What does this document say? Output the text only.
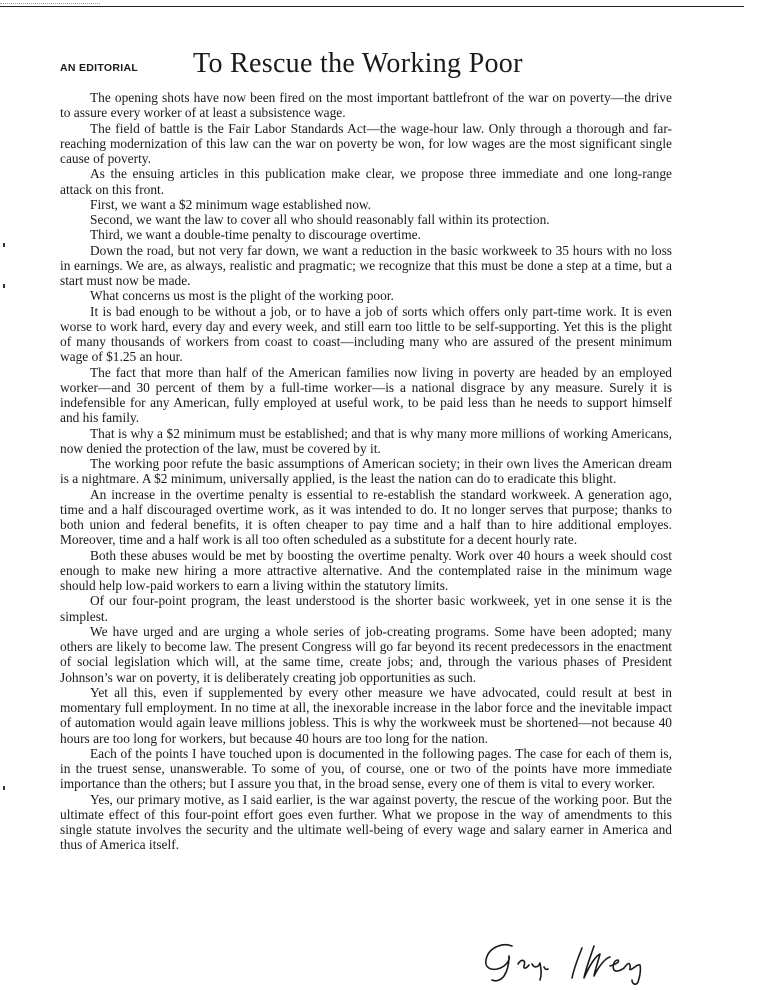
AN EDITORIAL To Rescue the Working Poor

The opening shots have now been fired on the most important battlefront of the war on poverty—the drive to assure every worker of at least a subsistence wage.

The field of battle is the Fair Labor Standards Act—the wage-hour law. Only through a thorough and far-reaching modernization of this law can the war on poverty be won, for low wages are the most significant single cause of poverty.

As the ensuing articles in this publication make clear, we propose three immediate and one long-range attack on this front.

First, we want a $2 minimum wage established now.

Second, we want the law to cover all who should reasonably fall within its protection.

Third, we want a double-time penalty to discourage overtime.

Down the road, but not very far down, we want a reduction in the basic workweek to 35 hours with no loss in earnings. We are, as always, realistic and pragmatic; we recognize that this must be done a step at a time, but a start must now be made.

What concerns us most is the plight of the working poor.

It is bad enough to be without a job, or to have a job of sorts which offers only part-time work. It is even worse to work hard, every day and every week, and still earn too little to be self-supporting. Yet this is the plight of many thousands of workers from coast to coast—including many who are assured of the present minimum wage of $1.25 an hour.

The fact that more than half of the American families now living in poverty are headed by an employed worker—and 30 percent of them by a full-time worker—is a national disgrace by any measure. Surely it is indefensible for any American, fully employed at useful work, to be paid less than he needs to support himself and his family.

That is why a $2 minimum must be established; and that is why many more millions of working Americans, now denied the protection of the law, must be covered by it.

The working poor refute the basic assumptions of American society; in their own lives the American dream is a nightmare. A $2 minimum, universally applied, is the least the nation can do to eradicate this blight.

An increase in the overtime penalty is essential to re-establish the standard workweek. A generation ago, time and a half discouraged overtime work, as it was intended to do. It no longer serves that purpose; thanks to both union and federal benefits, it is often cheaper to pay time and a half than to hire additional employes. Moreover, time and a half work is all too often scheduled as a substitute for a decent hourly rate.

Both these abuses would be met by boosting the overtime penalty. Work over 40 hours a week should cost enough to make new hiring a more attractive alternative. And the contemplated raise in the minimum wage should help low-paid workers to earn a living within the statutory limits.

Of our four-point program, the least understood is the shorter basic workweek, yet in one sense it is the simplest.

We have urged and are urging a whole series of job-creating programs. Some have been adopted; many others are likely to become law. The present Congress will go far beyond its recent predecessors in the enactment of social legislation which will, at the same time, create jobs; and, through the various phases of President Johnson’s war on poverty, it is deliberately creating job opportunities as such.

Yet all this, even if supplemented by every other measure we have advocated, could result at best in momentary full employment. In no time at all, the inexorable increase in the labor force and the inevitable impact of automation would again leave millions jobless. This is why the workweek must be shortened—not because 40 hours are too long for workers, but because 40 hours are too long for the nation.

Each of the points I have touched upon is documented in the following pages. The case for each of them is, in the truest sense, unanswerable. To some of you, of course, one or two of the points have more immediate importance than the others; but I assure you that, in the broad sense, every one of them is vital to every worker.

Yes, our primary motive, as I said earlier, is the war against poverty, the rescue of the working poor. But the ultimate effect of this four-point effort goes even further. What we propose in the way of amendments to this single statute involves the security and the ultimate well-being of every wage and salary earner in America and thus of America itself.
